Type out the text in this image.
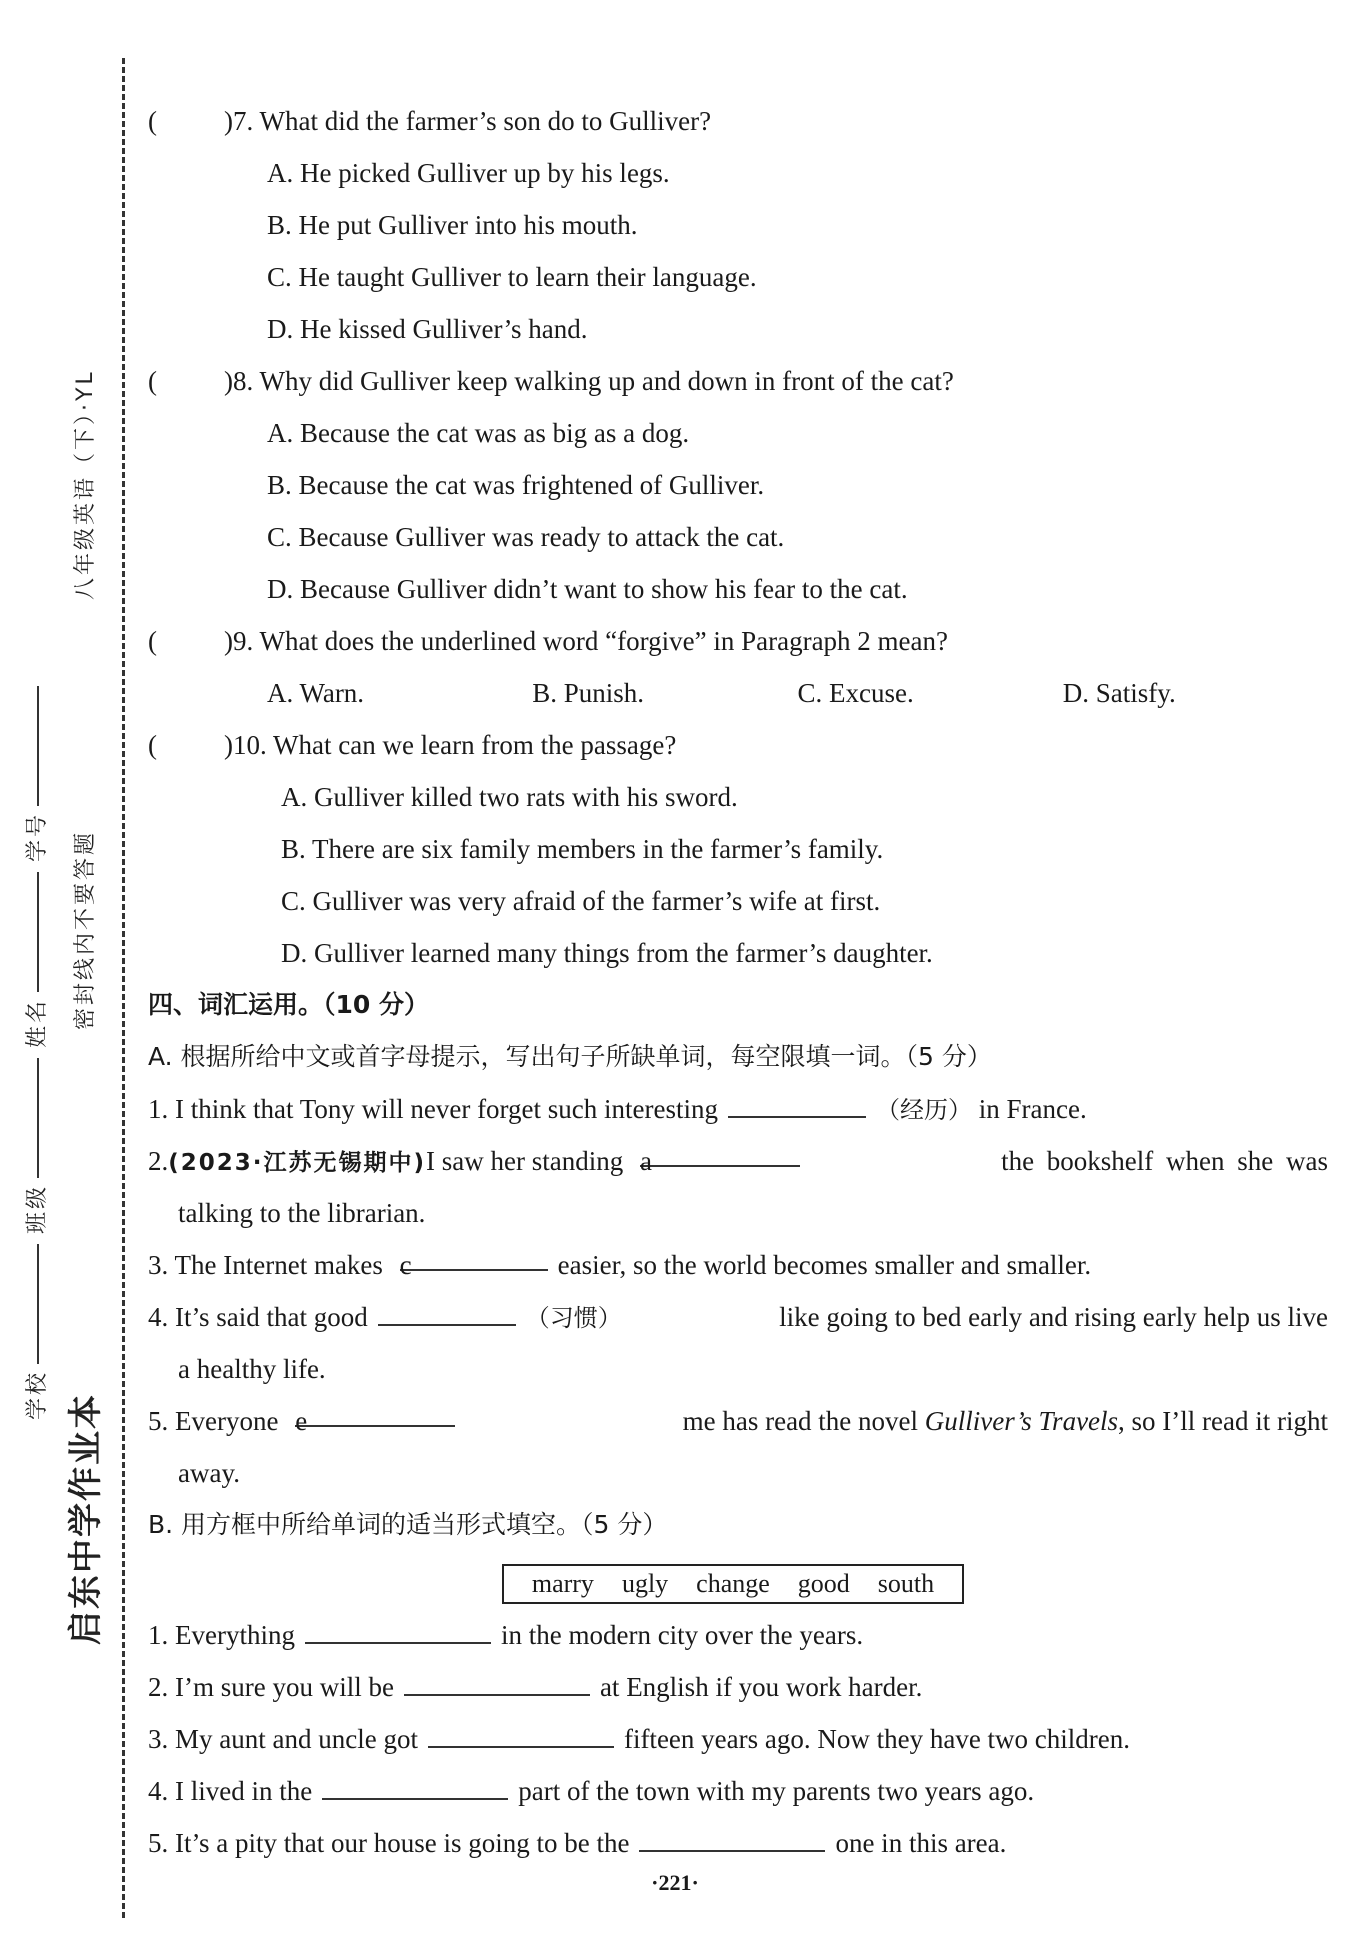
启东中学作业本
学校 班级 姓名 学号 密封线内不要答题
八年级英语（下）·YL
( )7. What did the farmer’s son do to Gulliver?
A. He picked Gulliver up by his legs.
B. He put Gulliver into his mouth.
C. He taught Gulliver to learn their language.
D. He kissed Gulliver’s hand.
( )8. Why did Gulliver keep walking up and down in front of the cat?
A. Because the cat was as big as a dog.
B. Because the cat was frightened of Gulliver.
C. Because Gulliver was ready to attack the cat.
D. Because Gulliver didn’t want to show his fear to the cat.
( )9. What does the underlined word “forgive” in Paragraph 2 mean?
A. Warn.	B. Punish.	C. Excuse.	D. Satisfy.
( )10. What can we learn from the passage?
A. Gulliver killed two rats with his sword.
B. There are six family members in the farmer’s family.
C. Gulliver was very afraid of the farmer’s wife at first.
D. Gulliver learned many things from the farmer’s daughter.
四、词汇运用。（10 分）
A. 根据所给中文或首字母提示，写出句子所缺单词，每空限填一词。（5 分）
1. I think that Tony will never forget such interesting	（经历） in France.
2.(2023·江苏无锡期中)I saw her standing a	the bookshelf when she was
talking to the librarian.
3. The Internet makes c	easier, so the world becomes smaller and smaller.
4. It’s said that good	（习惯）	like going to bed early and rising early help us live
a healthy life.
5. Everyone e	me has read the novel Gulliver’s Travels, so I’ll read it right
away.
B. 用方框中所给单词的适当形式填空。（5 分）
marry ugly change good south
1. Everything	in the modern city over the years.
2. I’m sure you will be	at English if you work harder.
3. My aunt and uncle got	fifteen years ago. Now they have two children.
4. I lived in the	part of the town with my parents two years ago.
5. It’s a pity that our house is going to be the	one in this area.
·221·
